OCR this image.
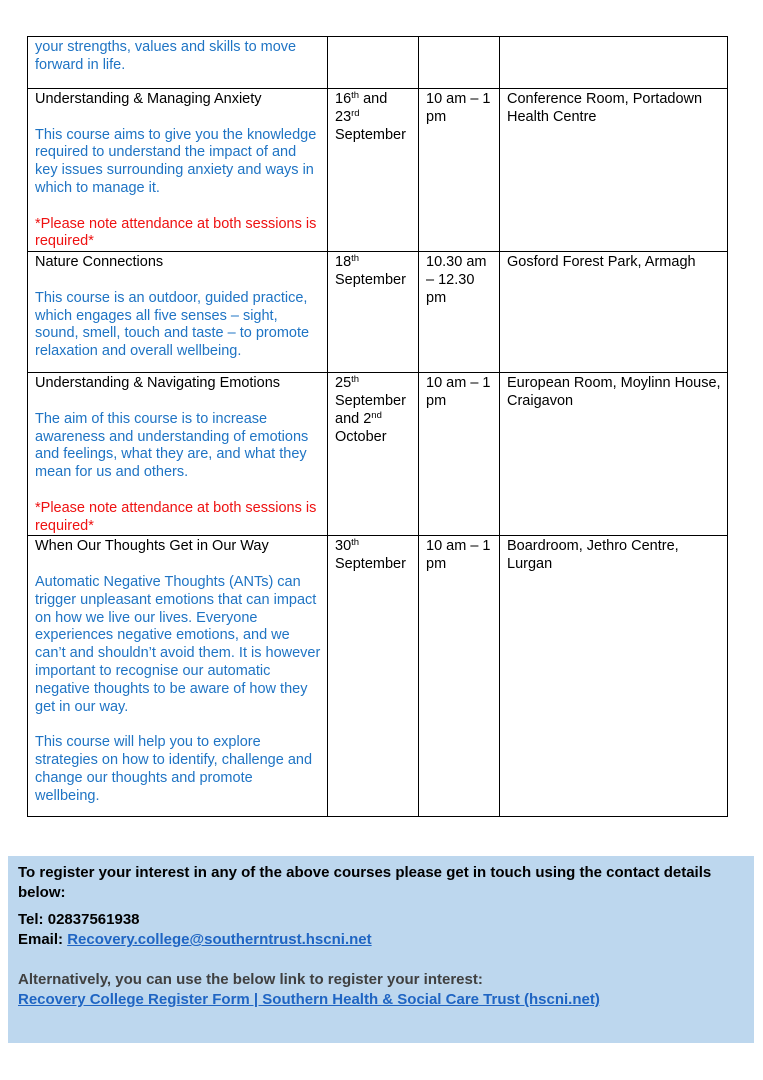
your strengths, values and skills to move forward in life.			

Understanding & Managing Anxiety

This course aims to give you the knowledge required to understand the impact of and key issues surrounding anxiety and ways in which to manage it.

*Please note attendance at both sessions is required*	16th and 23rd September	10 am – 1 pm	Conference Room, Portadown Health Centre

Nature Connections

This course is an outdoor, guided practice, which engages all five senses – sight, sound, smell, touch and taste – to promote relaxation and overall wellbeing.	18th September	10.30 am – 12.30 pm	Gosford Forest Park, Armagh

Understanding & Navigating Emotions

The aim of this course is to increase awareness and understanding of emotions and feelings, what they are, and what they mean for us and others.

*Please note attendance at both sessions is required*	25th September and 2nd October	10 am – 1 pm	European Room, Moylinn House, Craigavon

When Our Thoughts Get in Our Way

Automatic Negative Thoughts (ANTs) can trigger unpleasant emotions that can impact on how we live our lives. Everyone experiences negative emotions, and we can’t and shouldn’t avoid them. It is however important to recognise our automatic negative thoughts to be aware of how they get in our way.

This course will help you to explore strategies on how to identify, challenge and change our thoughts and promote wellbeing.	30th September	10 am – 1 pm	Boardroom, Jethro Centre, Lurgan

To register your interest in any of the above courses please get in touch using the contact details below:

Tel: 02837561938

Email: Recovery.college@southerntrust.hscni.net

Alternatively, you can use the below link to register your interest:

Recovery College Register Form | Southern Health & Social Care Trust (hscni.net)
